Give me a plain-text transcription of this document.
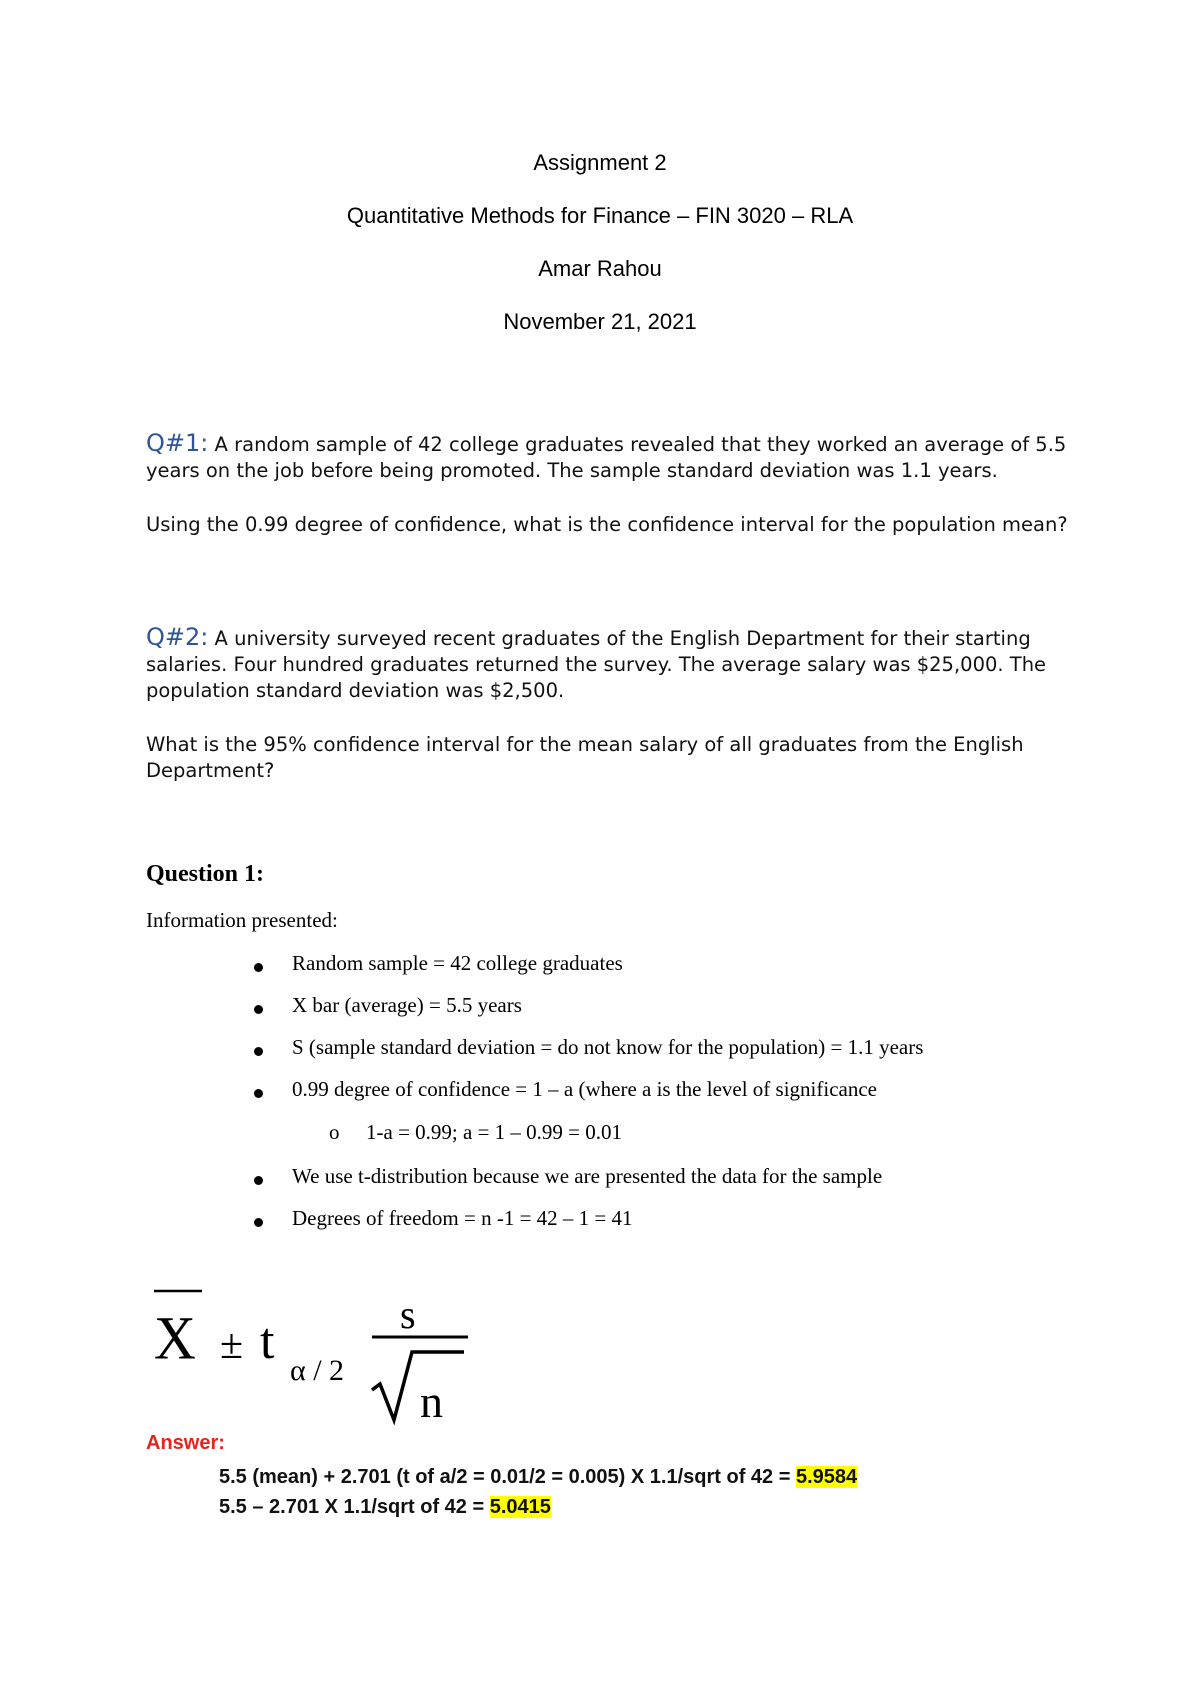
Assignment 2
Quantitative Methods for Finance – FIN 3020 – RLA
Amar Rahou
November 21, 2021

Q#1: A random sample of 42 college graduates revealed that they worked an average of 5.5 years on the job before being promoted. The sample standard deviation was 1.1 years.

Using the 0.99 degree of confidence, what is the confidence interval for the population mean?

Q#2: A university surveyed recent graduates of the English Department for their starting salaries. Four hundred graduates returned the survey. The average salary was $25,000. The population standard deviation was $2,500.

What is the 95% confidence interval for the mean salary of all graduates from the English Department?

Question 1:
Information presented:
Random sample = 42 college graduates
X bar (average) = 5.5 years
S (sample standard deviation = do not know for the population) = 1.1 years
0.99 degree of confidence = 1 – a (where a is the level of significance
o 1-a = 0.99; a = 1 – 0.99 = 0.01
We use t-distribution because we are presented the data for the sample
Degrees of freedom = n -1 = 42 – 1 = 41
X ± t
α / 2
s
n
Answer:
5.5 (mean) + 2.701 (t of a/2 = 0.01/2 = 0.005) X 1.1/sqrt of 42 = 5.9584
5.5 – 2.701 X 1.1/sqrt of 42 = 5.0415
